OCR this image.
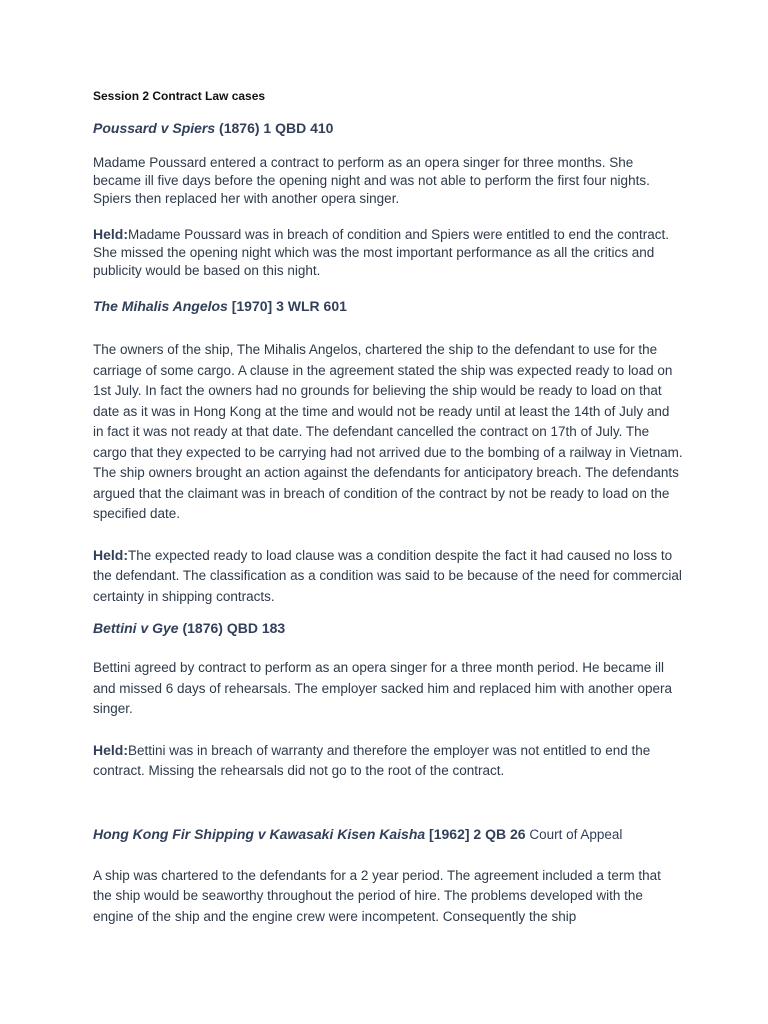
Session 2 Contract Law cases

Poussard v Spiers (1876) 1 QBD 410

Madame Poussard entered a contract to perform as an opera singer for three months. She became ill five days before the opening night and was not able to perform the first four nights. Spiers then replaced her with another opera singer.

Held:Madame Poussard was in breach of condition and Spiers were entitled to end the contract. She missed the opening night which was the most important performance as all the critics and publicity would be based on this night.

The Mihalis Angelos [1970] 3 WLR 601

The owners of the ship, The Mihalis Angelos, chartered the ship to the defendant to use for the carriage of some cargo. A clause in the agreement stated the ship was expected ready to load on 1st July. In fact the owners had no grounds for believing the ship would be ready to load on that date as it was in Hong Kong at the time and would not be ready until at least the 14th of July and in fact it was not ready at that date. The defendant cancelled the contract on 17th of July. The cargo that they expected to be carrying had not arrived due to the bombing of a railway in Vietnam. The ship owners brought an action against the defendants for anticipatory breach. The defendants argued that the claimant was in breach of condition of the contract by not be ready to load on the specified date.

Held:The expected ready to load clause was a condition despite the fact it had caused no loss to the defendant. The classification as a condition was said to be because of the need for commercial certainty in shipping contracts.

Bettini v Gye (1876) QBD 183

Bettini agreed by contract to perform as an opera singer for a three month period. He became ill and missed 6 days of rehearsals. The employer sacked him and replaced him with another opera singer.

Held:Bettini was in breach of warranty and therefore the employer was not entitled to end the contract. Missing the rehearsals did not go to the root of the contract.

Hong Kong Fir Shipping v Kawasaki Kisen Kaisha [1962] 2 QB 26 Court of Appeal

A ship was chartered to the defendants for a 2 year period. The agreement included a term that the ship would be seaworthy throughout the period of hire. The problems developed with the engine of the ship and the engine crew were incompetent. Consequently the ship
